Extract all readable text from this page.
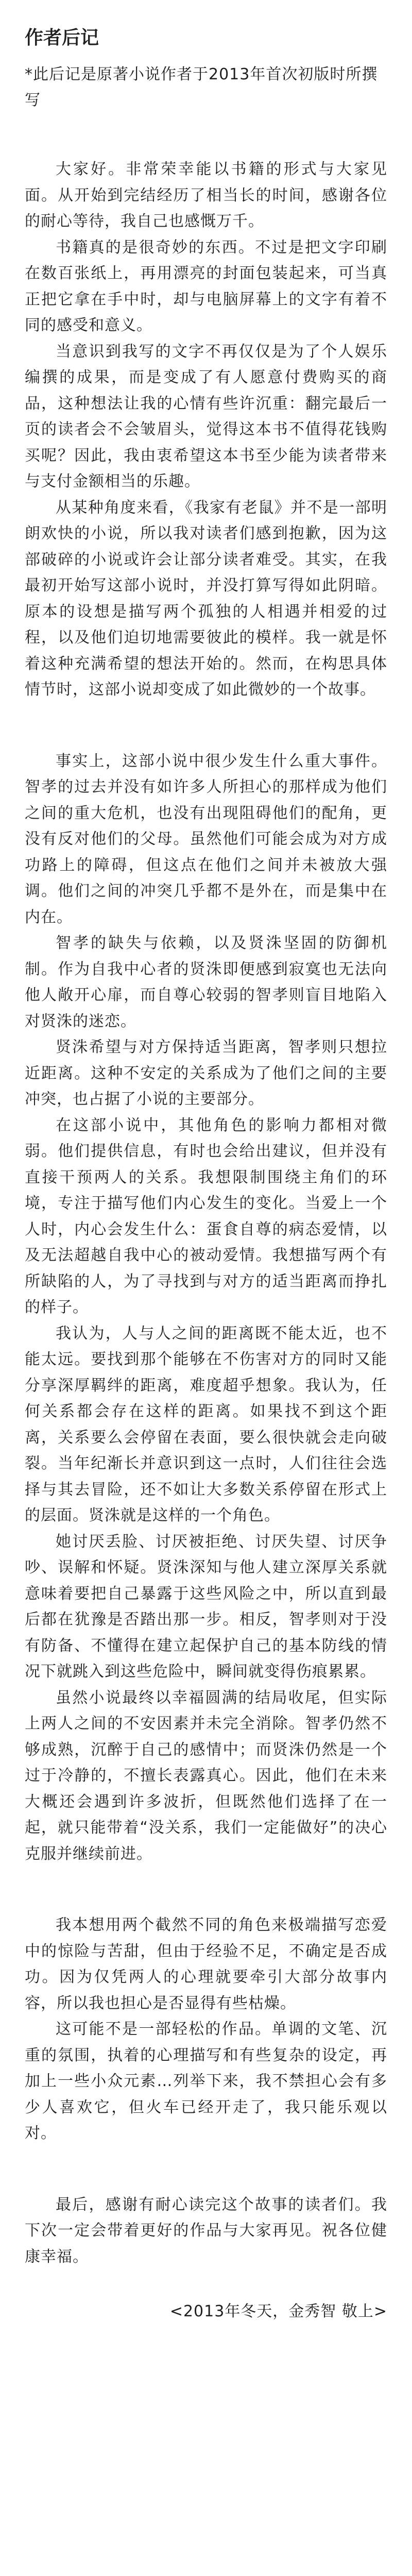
作者后记

*此后记是原著小说作者于2013年首次初版时所撰写

大家好。非常荣幸能以书籍的形式与大家见面。从开始到完结经历了相当长的时间，感谢各位的耐心等待，我自己也感慨万千。

书籍真的是很奇妙的东西。不过是把文字印刷在数百张纸上，再用漂亮的封面包装起来，可当真正把它拿在手中时，却与电脑屏幕上的文字有着不同的感受和意义。

当意识到我写的文字不再仅仅是为了个人娱乐编撰的成果，而是变成了有人愿意付费购买的商品，这种想法让我的心情有些许沉重：翻完最后一页的读者会不会皱眉头，觉得这本书不值得花钱购买呢？因此，我由衷希望这本书至少能为读者带来与支付金额相当的乐趣。

从某种角度来看，《我家有老鼠》并不是一部明朗欢快的小说，所以我对读者们感到抱歉，因为这部破碎的小说或许会让部分读者难受。其实，在我最初开始写这部小说时，并没打算写得如此阴暗。原本的设想是描写两个孤独的人相遇并相爱的过程，以及他们迫切地需要彼此的模样。我一就是怀着这种充满希望的想法开始的。然而，在构思具体情节时，这部小说却变成了如此微妙的一个故事。

事实上，这部小说中很少发生什么重大事件。智孝的过去并没有如许多人所担心的那样成为他们之间的重大危机，也没有出现阻碍他们的配角，更没有反对他们的父母。虽然他们可能会成为对方成功路上的障碍，但这点在他们之间并未被放大强调。他们之间的冲突几乎都不是外在，而是集中在内在。

智孝的缺失与依赖，以及贤洙坚固的防御机制。作为自我中心者的贤洙即便感到寂寞也无法向他人敞开心扉，而自尊心较弱的智孝则盲目地陷入对贤洙的迷恋。

贤洙希望与对方保持适当距离，智孝则只想拉近距离。这种不安定的关系成为了他们之间的主要冲突，也占据了小说的主要部分。

在这部小说中，其他角色的影响力都相对微弱。他们提供信息，有时也会给出建议，但并没有直接干预两人的关系。我想限制围绕主角们的环境，专注于描写他们内心发生的变化。当爱上一个人时，内心会发生什么：蛋食自尊的病态爱情，以及无法超越自我中心的被动爱情。我想描写两个有所缺陷的人，为了寻找到与对方的适当距离而挣扎的样子。

我认为，人与人之间的距离既不能太近，也不能太远。要找到那个能够在不伤害对方的同时又能分享深厚羁绊的距离，难度超乎想象。我认为，任何关系都会存在这样的距离。如果找不到这个距离，关系要么会停留在表面，要么很快就会走向破裂。当年纪渐长并意识到这一点时，人们往往会选择与其去冒险，还不如让大多数关系停留在形式上的层面。贤洙就是这样的一个角色。

她讨厌丢脸、讨厌被拒绝、讨厌失望、讨厌争吵、误解和怀疑。贤洙深知与他人建立深厚关系就意味着要把自己暴露于这些风险之中，所以直到最后都在犹豫是否踏出那一步。相反，智孝则对于没有防备、不懂得在建立起保护自己的基本防线的情况下就跳入到这些危险中，瞬间就变得伤痕累累。

虽然小说最终以幸福圆满的结局收尾，但实际上两人之间的不安因素并未完全消除。智孝仍然不够成熟，沉醉于自己的感情中；而贤洙仍然是一个过于冷静的，不擅长表露真心。因此，他们在未来大概还会遇到许多波折，但既然他们选择了在一起，就只能带着“没关系，我们一定能做好”的决心克服并继续前进。

我本想用两个截然不同的角色来极端描写恋爱中的惊险与苦甜，但由于经验不足，不确定是否成功。因为仅凭两人的心理就要牵引大部分故事内容，所以我也担心是否显得有些枯燥。

这可能不是一部轻松的作品。单调的文笔、沉重的氛围，执着的心理描写和有些复杂的设定，再加上一些小众元素…列举下来，我不禁担心会有多少人喜欢它，但火车已经开走了，我只能乐观以对。

最后，感谢有耐心读完这个故事的读者们。我下次一定会带着更好的作品与大家再见。祝各位健康幸福。

<2013年冬天，金秀智 敬上>
